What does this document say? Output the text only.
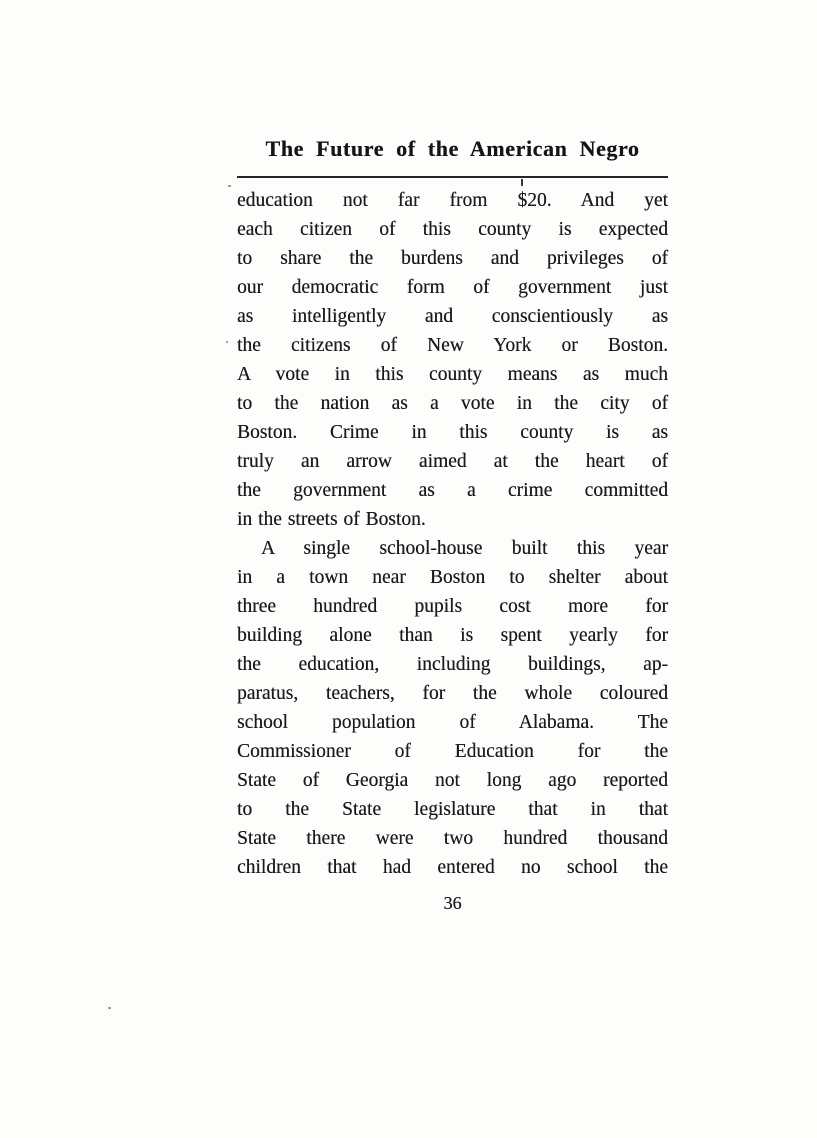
The Future of the American Negro
education not far from $20. And yet
each citizen of this county is expected
to share the burdens and privileges of
our democratic form of government just
as intelligently and conscientiously as
the citizens of New York or Boston.
A vote in this county means as much
to the nation as a vote in the city of
Boston. Crime in this county is as
truly an arrow aimed at the heart of
the government as a crime committed
in the streets of Boston.
A single school-house built this year
in a town near Boston to shelter about
three hundred pupils cost more for
building alone than is spent yearly for
the education, including buildings, ap-
paratus, teachers, for the whole coloured
school population of Alabama. The
Commissioner of Education for the
State of Georgia not long ago reported
to the State legislature that in that
State there were two hundred thousand
children that had entered no school the
36
